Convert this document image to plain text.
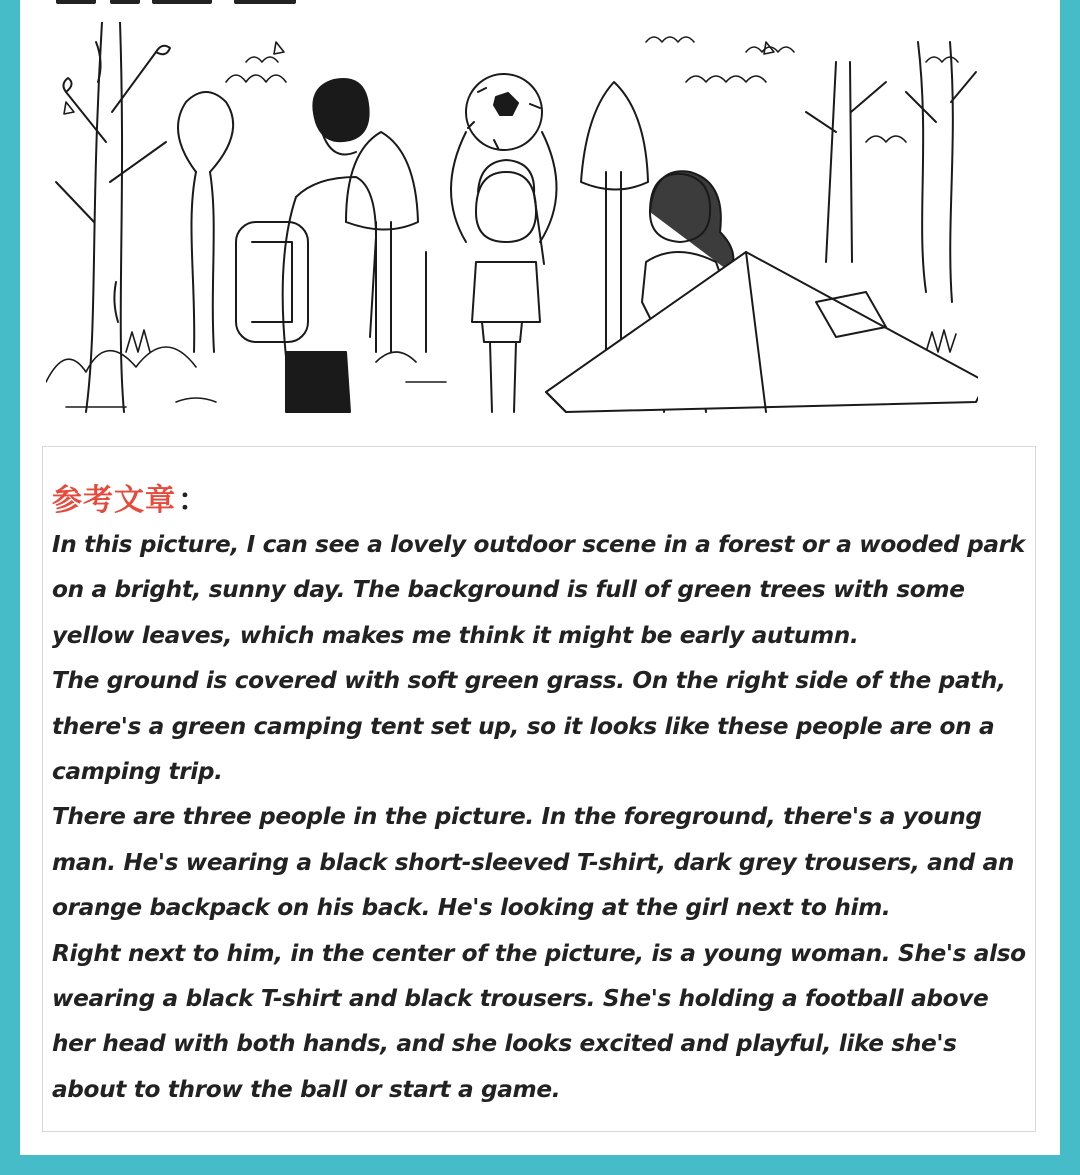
参考文章：

In this picture, I can see a lovely outdoor scene in a forest or a wooded park on a bright, sunny day. The background is full of green trees with some yellow leaves, which makes me think it might be early autumn.

The ground is covered with soft green grass. On the right side of the path, there's a green camping tent set up, so it looks like these people are on a camping trip.

There are three people in the picture. In the foreground, there's a young man. He's wearing a black short-sleeved T-shirt, dark grey trousers, and an orange backpack on his back. He's looking at the girl next to him.

Right next to him, in the center of the picture, is a young woman. She's also wearing a black T-shirt and black trousers. She's holding a football above her head with both hands, and she looks excited and playful, like she's about to throw the ball or start a game.
